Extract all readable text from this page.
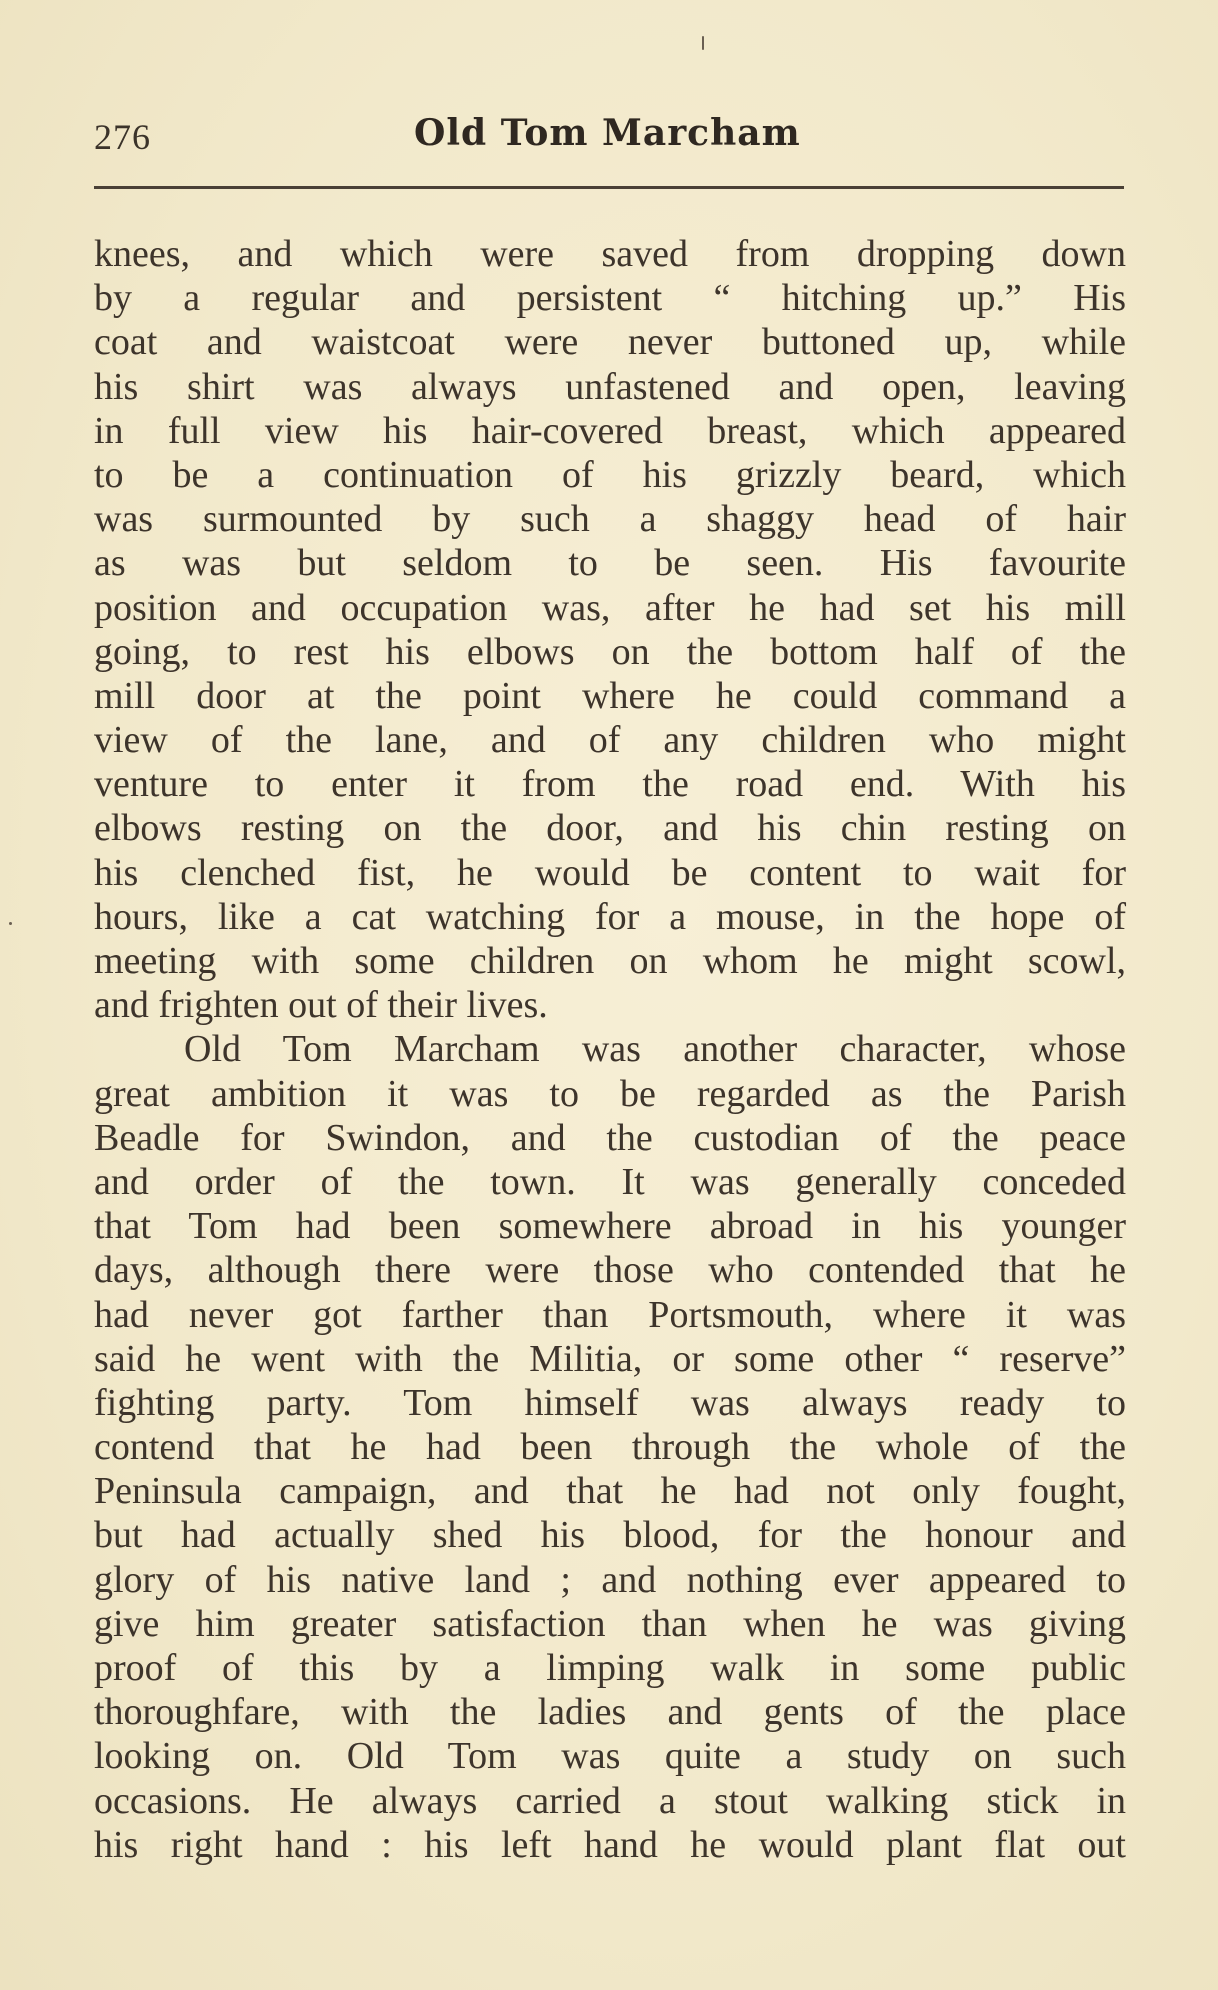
276	Old Tom Marcham
knees, and which were saved from dropping down
by a regular and persistent “ hitching up.” His
coat and waistcoat were never buttoned up, while
his shirt was always unfastened and open, leaving
in full view his hair-covered breast, which appeared
to be a continuation of his grizzly beard, which
was surmounted by such a shaggy head of hair
as was but seldom to be seen. His favourite
position and occupation was, after he had set his mill
going, to rest his elbows on the bottom half of the
mill door at the point where he could command a
view of the lane, and of any children who might
venture to enter it from the road end. With his
elbows resting on the door, and his chin resting on
his clenched fist, he would be content to wait for
hours, like a cat watching for a mouse, in the hope of
meeting with some children on whom he might scowl,
and frighten out of their lives.
Old Tom Marcham was another character, whose
great ambition it was to be regarded as the Parish
Beadle for Swindon, and the custodian of the peace
and order of the town. It was generally conceded
that Tom had been somewhere abroad in his younger
days, although there were those who contended that he
had never got farther than Portsmouth, where it was
said he went with the Militia, or some other “ reserve”
fighting party. Tom himself was always ready to
contend that he had been through the whole of the
Peninsula campaign, and that he had not only fought,
but had actually shed his blood, for the honour and
glory of his native land ; and nothing ever appeared to
give him greater satisfaction than when he was giving
proof of this by a limping walk in some public
thoroughfare, with the ladies and gents of the place
looking on. Old Tom was quite a study on such
occasions. He always carried a stout walking stick in
his right hand : his left hand he would plant flat out
